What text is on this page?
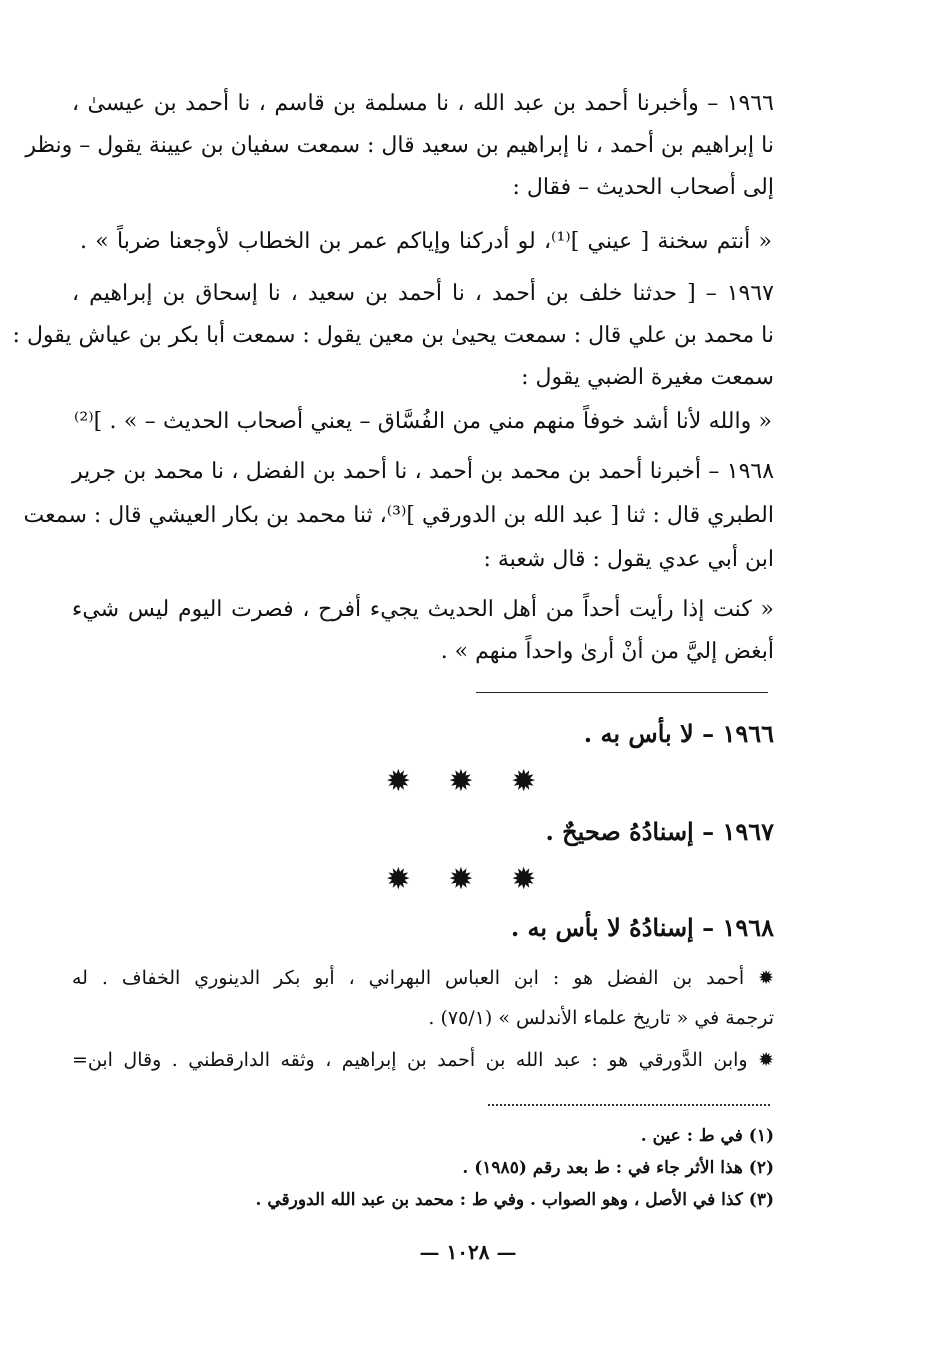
١٩٦٦ – وأخبرنا أحمد بن عبد الله ، نا مسلمة بن قاسم ، نا أحمد بن عيسىٰ ،
نا إبراهيم بن أحمد ، نا إبراهيم بن سعيد قال : سمعت سفيان بن عيينة يقول – ونظر
إلى أصحاب الحديث – فقال :
« أنتم سخنة [ عيني ]⁽¹⁾، لو أدركنا وإياكم عمر بن الخطاب لأوجعنا ضرباً » .
١٩٦٧ – [ حدثنا خلف بن أحمد ، نا أحمد بن سعيد ، نا إسحاق بن إبراهيم ،
نا محمد بن علي قال : سمعت يحيىٰ بن معين يقول : سمعت أبا بكر بن عياش يقول :
سمعت مغيرة الضبي يقول :
« والله لأنا أشد خوفاً منهم مني من الفُسَّاق – يعني أصحاب الحديث – » . ]⁽²⁾
١٩٦٨ – أخبرنا أحمد بن محمد بن أحمد ، نا أحمد بن الفضل ، نا محمد بن جرير
الطبري قال : ثنا [ عبد الله بن الدورقي ]⁽³⁾، ثنا محمد بن بكار العيشي قال : سمعت
ابن أبي عدي يقول : قال شعبة :
« كنت إذا رأيت أحداً من أهل الحديث يجيء أفرح ، فصرت اليوم ليس شيء
أبغض إليَّ من أنْ أرىٰ واحداً منهم » .
١٩٦٦ – لا بأس به .
✹ ✹ ✹
١٩٦٧ – إسنادُهُ صحيحٌ .
✹ ✹ ✹
١٩٦٨ – إسنادُهُ لا بأس به .
✹ أحمد بن الفضل هو : ابن العباس البهراني ، أبو بكر الدينوري الخفاف . له
ترجمة في « تاريخ علماء الأندلس » (٧٥/١) .
✹ وابن الدَّورقي هو : عبد الله بن أحمد بن إبراهيم ، وثقه الدارقطني . وقال ابن=
(١) في ط : عين .
(٢) هذا الأثر جاء في : ط بعد رقم (١٩٨٥) .
(٣) كذا في الأصل ، وهو الصواب . وفي ط : محمد بن عبد الله الدورقي .
— ١٠٢٨ —
